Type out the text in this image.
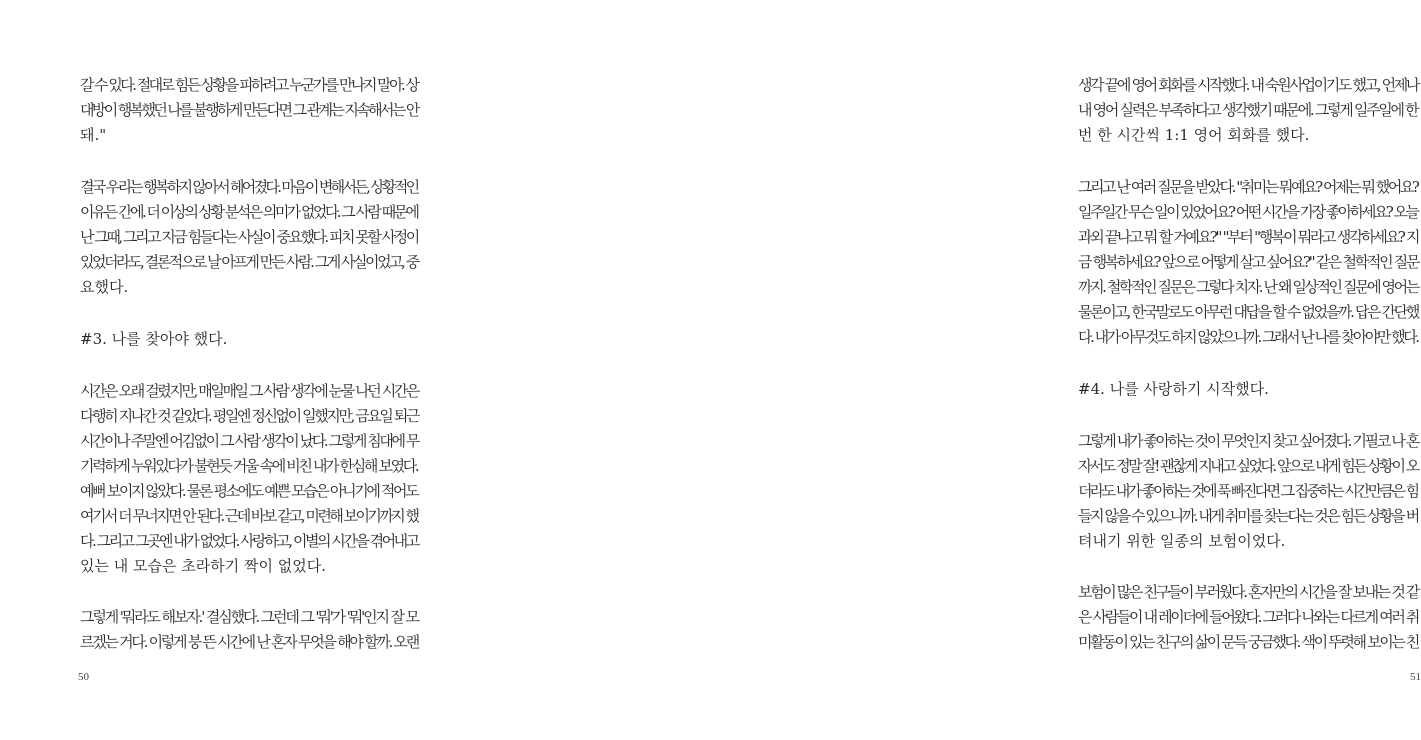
갈 수 있다. 절대로 힘든 상황을 피하려고 누군가를 만나지 말아. 상
대방이 행복했던 나를 불행하게 만든다면 그 관계는 지속해서는 안
돼."
결국 우리는 행복하지 않아서 헤어졌다. 마음이 변해서든, 상황적인
이유든 간에. 더 이상의 상황 분석은 의미가 없었다. 그 사람 때문에
난 그때, 그리고 지금 힘들다는 사실이 중요했다. 피치 못할 사정이
있었더라도, 결론적으로 날 아프게 만든 사람. 그게 사실이었고, 중
요했다.
#3. 나를 찾아야 했다.
시간은 오래 걸렸지만, 매일매일 그 사람 생각에 눈물 나던 시간은
다행히 지나간 것 같았다. 평일엔 정신없이 일했지만, 금요일 퇴근
시간이나 주말엔 어김없이 그 사람 생각이 났다. 그렇게 침대에 무
기력하게 누워있다가 불현듯 거울 속에 비친 내가 한심해 보였다.
예뻐 보이지 않았다. 물론 평소에도 예쁜 모습은 아니기에 적어도
여기서 더 무너지면 안 된다. 근데 바보 같고, 미련해 보이기까지 했
다. 그리고 그곳엔 내가 없었다. 사랑하고, 이별의 시간을 겪어내고
있는 내 모습은 초라하기 짝이 없었다.
그렇게 '뭐라도 해보자.' 결심했다. 그런데 그 '뭐'가 '뭐'인지 잘 모
르겠는 거다. 이렇게 붕 뜬 시간에 난 혼자 무엇을 해야 할까. 오랜
50
생각 끝에 영어 회화를 시작했다. 내 숙원사업이기도 했고, 언제나
내 영어 실력은 부족하다고 생각했기 때문에. 그렇게 일주일에 한
번 한 시간씩 1:1 영어 회화를 했다.
그리고 난 여러 질문을 받았다. "취미는 뭐예요? 어제는 뭐 했어요?
일주일간 무슨 일이 있었어요? 어떤 시간을 가장 좋아하세요? 오늘
과외 끝나고 뭐 할 거예요?" "부터 "행복이 뭐라고 생각하세요? 지
금 행복하세요? 앞으로 어떻게 살고 싶어요?" 같은 철학적인 질문
까지. 철학적인 질문은 그렇다 치자. 난 왜 일상적인 질문에 영어는
물론이고, 한국말로도 아무런 대답을 할 수 없었을까. 답은 간단했
다. 내가 아무것도 하지 않았으니까. 그래서 난 나를 찾아야만 했다.
#4. 나를 사랑하기 시작했다.
그렇게 내가 좋아하는 것이 무엇인지 찾고 싶어졌다. 기필코 나 혼
자서도 정말 잘! 괜찮게 지내고 싶었다. 앞으로 내게 힘든 상황이 오
더라도 내가 좋아하는 것에 푹 빠진다면 그 집중하는 시간만큼은 힘
들지 않을 수 있으니까. 내게 취미를 찾는다는 것은 힘든 상황을 버
텨내기 위한 일종의 보험이었다.
보험이 많은 친구들이 부러웠다. 혼자만의 시간을 잘 보내는 것 같
은 사람들이 내 레이더에 들어왔다. 그러다 나와는 다르게 여러 취
미활동이 있는 친구의 삶이 문득 궁금했다. 색이 뚜렷해 보이는 친
51
